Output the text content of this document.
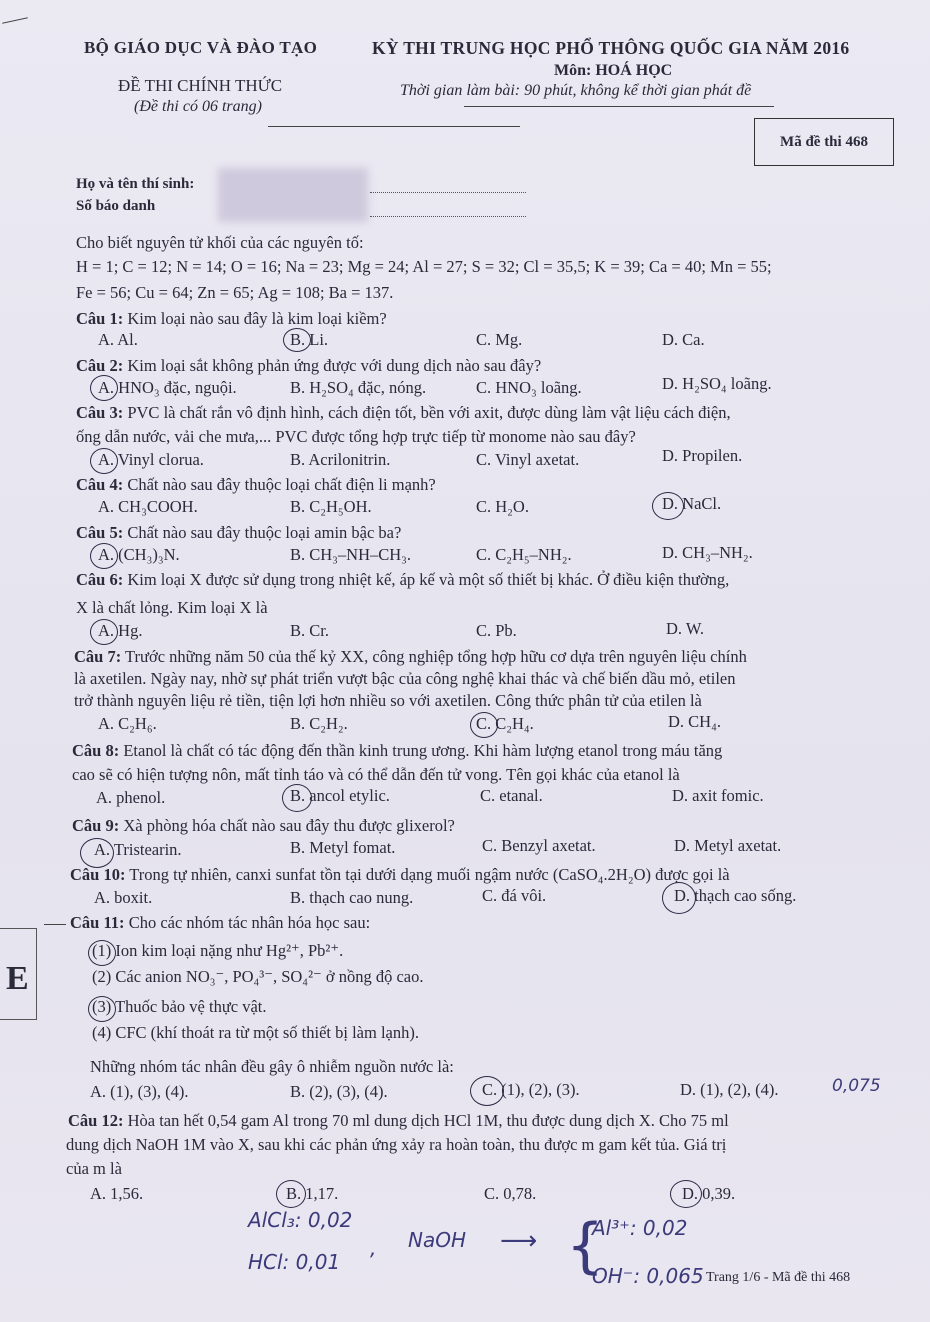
E
BỘ GIÁO DỤC VÀ ĐÀO TẠO	KỲ THI TRUNG HỌC PHỔ THÔNG QUỐC GIA NĂM 2016
ĐỀ THI CHÍNH THỨC
(Đề thi có 06 trang)
Môn: HOÁ HỌC
Thời gian làm bài: 90 phút, không kể thời gian phát đề
Mã đề thi 468
Họ và tên thí sinh:
Số báo danh
Cho biết nguyên tử khối của các nguyên tố:
H = 1; C = 12; N = 14; O = 16; Na = 23; Mg = 24; Al = 27; S = 32; Cl = 35,5; K = 39; Ca = 40; Mn = 55;
Fe = 56; Cu = 64; Zn = 65; Ag = 108; Ba = 137.
Câu 1: Kim loại nào sau đây là kim loại kiềm?
A. Al.	B. Li.	C. Mg.	D. Ca.
Câu 2: Kim loại sắt không phản ứng được với dung dịch nào sau đây?
A. HNO₃ đặc, nguội.	B. H₂SO₄ đặc, nóng.	C. HNO₃ loãng.	D. H₂SO₄ loãng.
Câu 3: PVC là chất rắn vô định hình, cách điện tốt, bền với axit, được dùng làm vật liệu cách điện,
ống dẫn nước, vải che mưa,... PVC được tổng hợp trực tiếp từ monome nào sau đây?
A. Vinyl clorua.	B. Acrilonitrin.	C. Vinyl axetat.	D. Propilen.
Câu 4: Chất nào sau đây thuộc loại chất điện li mạnh?
A. CH₃COOH.	B. C₂H₅OH.	C. H₂O.	D. NaCl.
Câu 5: Chất nào sau đây thuộc loại amin bậc ba?
A. (CH₃)₃N.	B. CH₃–NH–CH₃.	C. C₂H₅–NH₂.	D. CH₃–NH₂.
Câu 6: Kim loại X được sử dụng trong nhiệt kế, áp kế và một số thiết bị khác. Ở điều kiện thường,
X là chất lỏng. Kim loại X là
A. Hg.	B. Cr.	C. Pb.	D. W.
Câu 7: Trước những năm 50 của thế kỷ XX, công nghiệp tổng hợp hữu cơ dựa trên nguyên liệu chính
là axetilen. Ngày nay, nhờ sự phát triển vượt bậc của công nghệ khai thác và chế biến dầu mỏ, etilen
trở thành nguyên liệu rẻ tiền, tiện lợi hơn nhiều so với axetilen. Công thức phân tử của etilen là
A. C₂H₆.	B. C₂H₂.	C. C₂H₄.	D. CH₄.
Câu 8: Etanol là chất có tác động đến thần kinh trung ương. Khi hàm lượng etanol trong máu tăng
cao sẽ có hiện tượng nôn, mất tỉnh táo và có thể dẫn đến tử vong. Tên gọi khác của etanol là
A. phenol.	B. ancol etylic.	C. etanal.	D. axit fomic.
Câu 9: Xà phòng hóa chất nào sau đây thu được glixerol?
A. Tristearin.	B. Metyl fomat.	C. Benzyl axetat.	D. Metyl axetat.
Câu 10: Trong tự nhiên, canxi sunfat tồn tại dưới dạng muối ngậm nước (CaSO₄.2H₂O) được gọi là
A. boxit.	B. thạch cao nung.	C. đá vôi.	D. thạch cao sống.
Câu 11: Cho các nhóm tác nhân hóa học sau:
(1) Ion kim loại nặng như Hg²⁺, Pb²⁺.
(2) Các anion NO₃⁻, PO₄³⁻, SO₄²⁻ ở nồng độ cao.
(3) Thuốc bảo vệ thực vật.
(4) CFC (khí thoát ra từ một số thiết bị làm lạnh).
Những nhóm tác nhân đều gây ô nhiễm nguồn nước là:
A. (1), (3), (4).	B. (2), (3), (4).	C. (1), (2), (3).	D. (1), (2), (4).	0,075
Câu 12: Hòa tan hết 0,54 gam Al trong 70 ml dung dịch HCl 1M, thu được dung dịch X. Cho 75 ml
dung dịch NaOH 1M vào X, sau khi các phản ứng xảy ra hoàn toàn, thu được m gam kết tủa. Giá trị
của m là
A. 1,56.	B. 1,17.	C. 0,78.	D. 0,39.
AlCl₃: 0,02
HCl: 0,01
, NaOH ⟶ {
Al³⁺: 0,02
OH⁻: 0,065 Trang 1/6 - Mã đề thi 468
